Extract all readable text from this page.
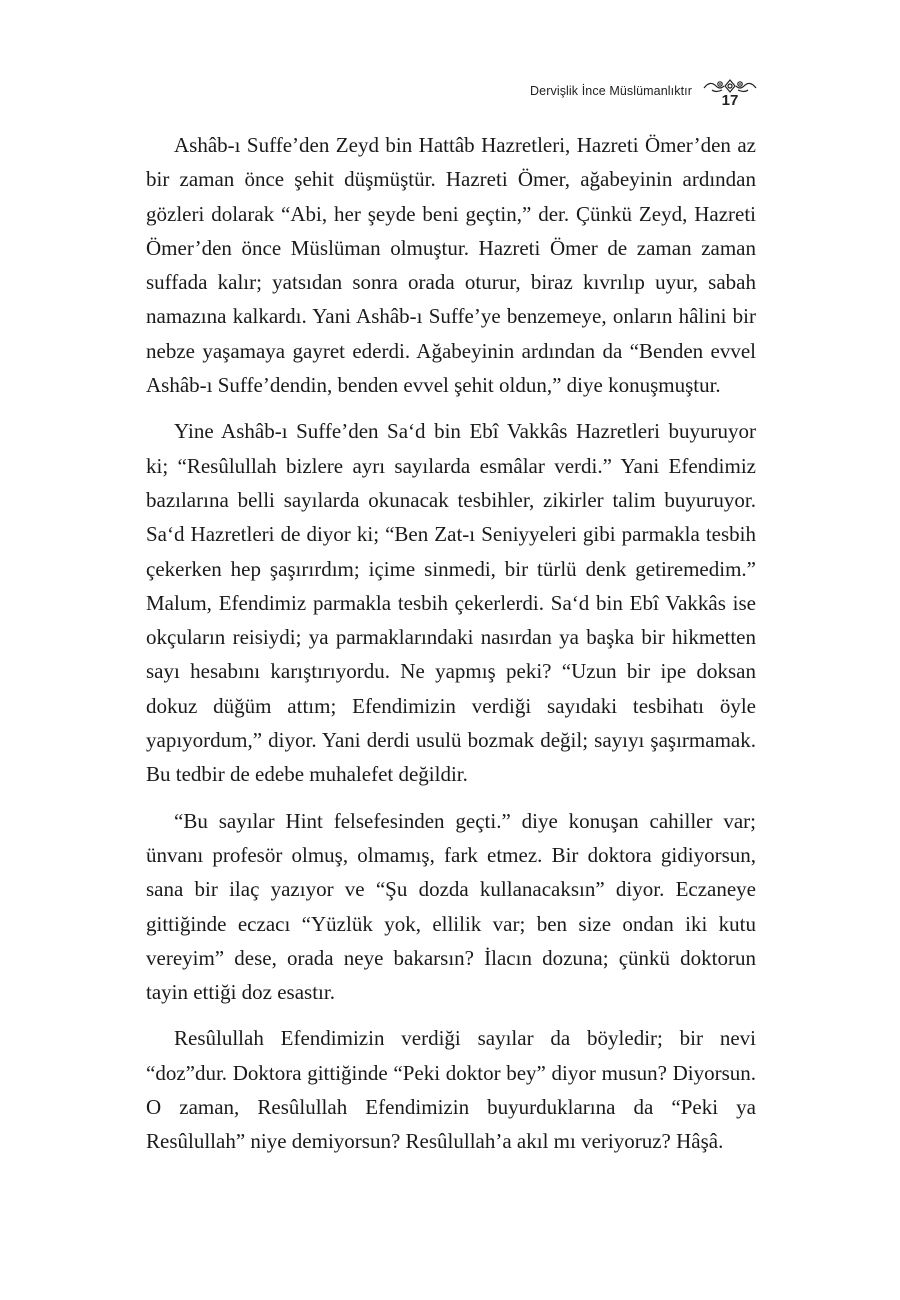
Dervişlik İnce Müslümanlıktır
17

Ashâb-ı Suffe’den Zeyd bin Hattâb Hazretleri, Hazreti Ömer’den az bir zaman önce şehit düşmüştür. Hazreti Ömer, ağabeyinin ardından gözleri dolarak “Abi, her şeyde beni geçtin,” der. Çünkü Zeyd, Hazreti Ömer’den önce Müslüman olmuştur. Hazreti Ömer de zaman zaman suffada kalır; yatsıdan sonra orada oturur, biraz kıvrılıp uyur, sabah namazına kalkardı. Yani Ashâb-ı Suffe’ye benzemeye, onların hâlini bir nebze yaşamaya gayret ederdi. Ağabeyinin ardından da “Benden evvel Ashâb-ı Suffe’dendin, benden evvel şehit oldun,” diye konuşmuştur.

Yine Ashâb-ı Suffe’den Sa‘d bin Ebî Vakkâs Hazretleri buyuruyor ki; “Resûlullah bizlere ayrı sayılarda esmâlar verdi.” Yani Efendimiz bazılarına belli sayılarda okunacak tesbihler, zikirler talim buyuruyor. Sa‘d Hazretleri de diyor ki; “Ben Zat-ı Seniyyeleri gibi parmakla tesbih çekerken hep şaşırırdım; içime sinmedi, bir türlü denk getiremedim.” Malum, Efendimiz parmakla tesbih çekerlerdi. Sa‘d bin Ebî Vakkâs ise okçuların reisiydi; ya parmaklarındaki nasırdan ya başka bir hikmetten sayı hesabını karıştırıyordu. Ne yapmış peki? “Uzun bir ipe doksan dokuz düğüm attım; Efendimizin verdiği sayıdaki tesbihatı öyle yapıyordum,” diyor. Yani derdi usulü bozmak değil; sayıyı şaşırmamak. Bu tedbir de edebe muhalefet değildir.

“Bu sayılar Hint felsefesinden geçti.” diye konuşan cahiller var; ünvanı profesör olmuş, olmamış, fark etmez. Bir doktora gidiyorsun, sana bir ilaç yazıyor ve “Şu dozda kullanacaksın” diyor. Eczaneye gittiğinde eczacı “Yüzlük yok, ellilik var; ben size ondan iki kutu vereyim” dese, orada neye bakarsın? İlacın dozuna; çünkü doktorun tayin ettiği doz esastır.

Resûlullah Efendimizin verdiği sayılar da böyledir; bir nevi “doz”dur. Doktora gittiğinde “Peki doktor bey” diyor musun? Diyorsun. O zaman, Resûlullah Efendimizin buyurduklarına da “Peki ya Resûlullah” niye demiyorsun? Resûlullah’a akıl mı veriyoruz? Hâşâ.
